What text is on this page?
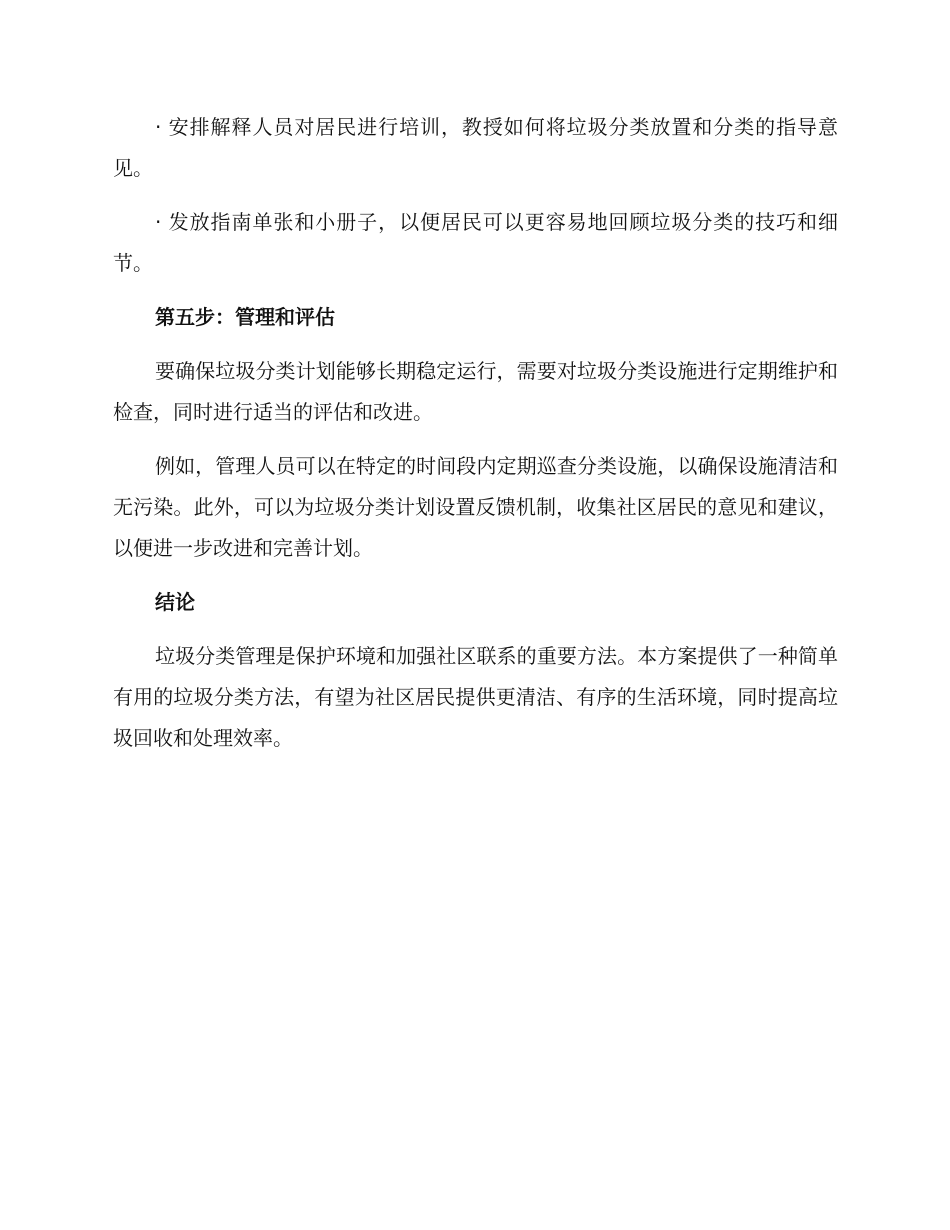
· 安排解释人员对居民进行培训，教授如何将垃圾分类放置和分类的指导意见。

· 发放指南单张和小册子，以便居民可以更容易地回顾垃圾分类的技巧和细节。

第五步：管理和评估

要确保垃圾分类计划能够长期稳定运行，需要对垃圾分类设施进行定期维护和检查，同时进行适当的评估和改进。

例如，管理人员可以在特定的时间段内定期巡查分类设施，以确保设施清洁和无污染。此外，可以为垃圾分类计划设置反馈机制，收集社区居民的意见和建议，以便进一步改进和完善计划。

结论

垃圾分类管理是保护环境和加强社区联系的重要方法。本方案提供了一种简单有用的垃圾分类方法，有望为社区居民提供更清洁、有序的生活环境，同时提高垃圾回收和处理效率。
